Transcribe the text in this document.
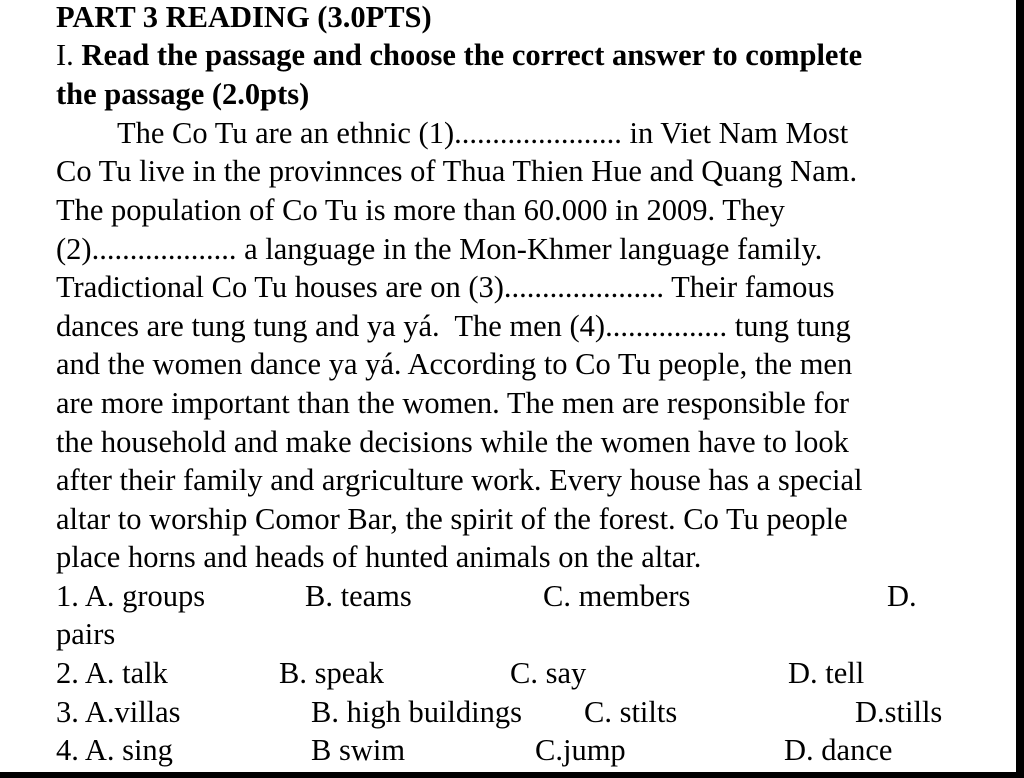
PART 3 READING (3.0PTS)
I. Read the passage and choose the correct answer to complete
the passage (2.0pts)
The Co Tu are an ethnic (1)...................... in Viet Nam Most
Co Tu live in the provinnces of Thua Thien Hue and Quang Nam.
The population of Co Tu is more than 60.000 in 2009. They
(2)................... a language in the Mon-Khmer language family.
Tradictional Co Tu houses are on (3)..................... Their famous
dances are tung tung and ya yá.  The men (4)................ tung tung
and the women dance ya yá. According to Co Tu people, the men
are more important than the women. The men are responsible for
the household and make decisions while the women have to look
after their family and argriculture work. Every house has a special
altar to worship Comor Bar, the spirit of the forest. Co Tu people
place horns and heads of hunted animals on the altar.
1. A. groups	B. teams	C. members	D.
pairs
2. A. talk	B. speak	C. say	D. tell
3. A.villas	B. high buildings C. stilts	D.stills
4. A. sing	B swim	C.jump	D. dance
